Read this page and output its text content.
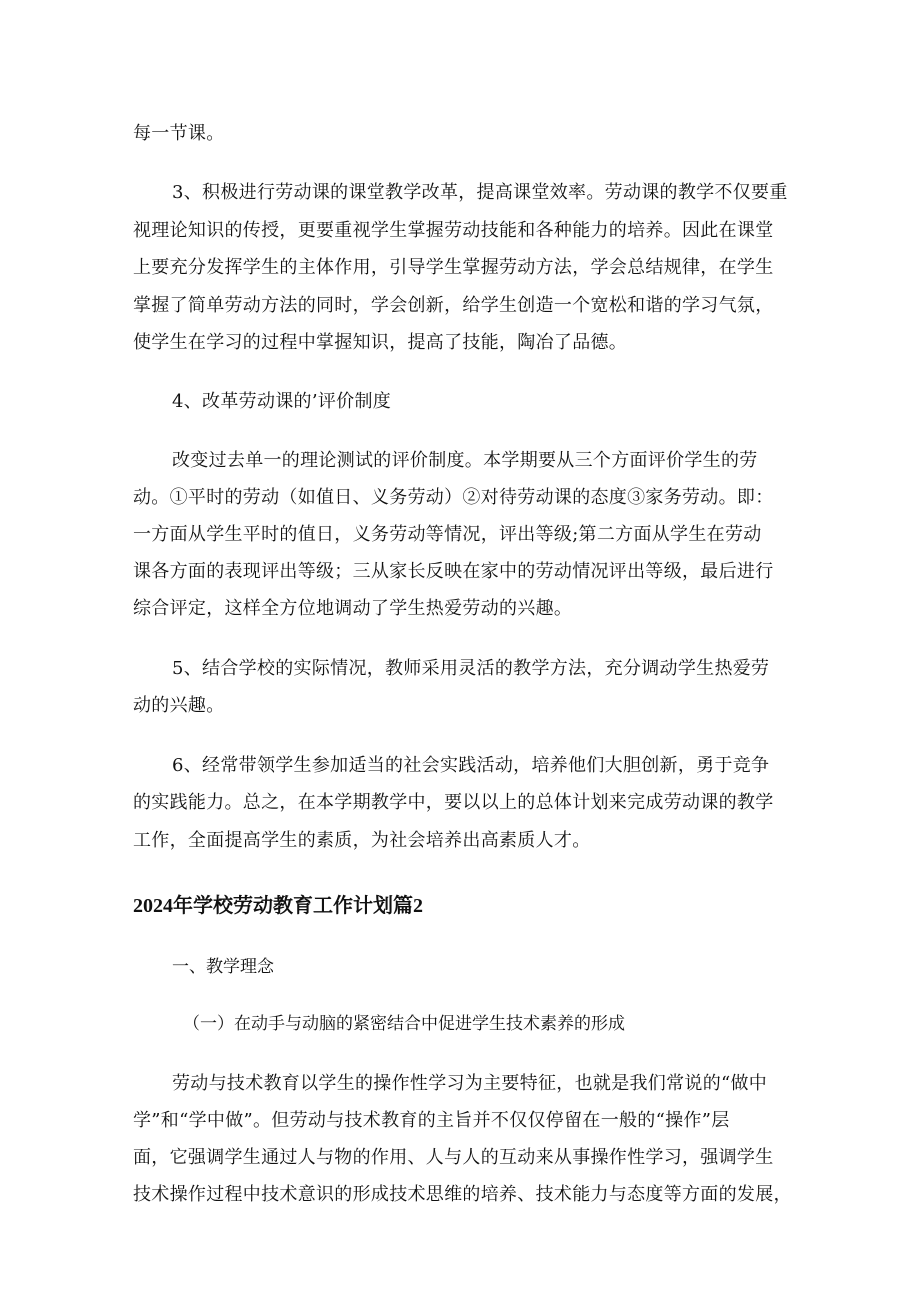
每一节课。
3、积极进行劳动课的课堂教学改革，提高课堂效率。劳动课的教学不仅要重
视理论知识的传授，更要重视学生掌握劳动技能和各种能力的培养。因此在课堂
上要充分发挥学生的主体作用，引导学生掌握劳动方法，学会总结规律，在学生
掌握了简单劳动方法的同时，学会创新，给学生创造一个宽松和谐的学习气氛，
使学生在学习的过程中掌握知识，提高了技能，陶冶了品德。
4、改革劳动课的’评价制度
改变过去单一的理论测试的评价制度。本学期要从三个方面评价学生的劳
动。①平时的劳动（如值日、义务劳动）②对待劳动课的态度③家务劳动。即：
一方面从学生平时的值日，义务劳动等情况，评出等级;第二方面从学生在劳动
课各方面的表现评出等级；三从家长反映在家中的劳动情况评出等级，最后进行
综合评定，这样全方位地调动了学生热爱劳动的兴趣。
5、结合学校的实际情况，教师采用灵活的教学方法，充分调动学生热爱劳
动的兴趣。
6、经常带领学生参加适当的社会实践活动，培养他们大胆创新，勇于竞争
的实践能力。总之，在本学期教学中，要以以上的总体计划来完成劳动课的教学
工作，全面提高学生的素质，为社会培养出高素质人才。
2024年学校劳动教育工作计划篇2
一、教学理念
（一）在动手与动脑的紧密结合中促进学生技术素养的形成
劳动与技术教育以学生的操作性学习为主要特征，也就是我们常说的“做中
学”和“学中做”。但劳动与技术教育的主旨并不仅仅停留在一般的“操作”层
面，它强调学生通过人与物的作用、人与人的互动来从事操作性学习，强调学生
技术操作过程中技术意识的形成技术思维的培养、技术能力与态度等方面的发展，
